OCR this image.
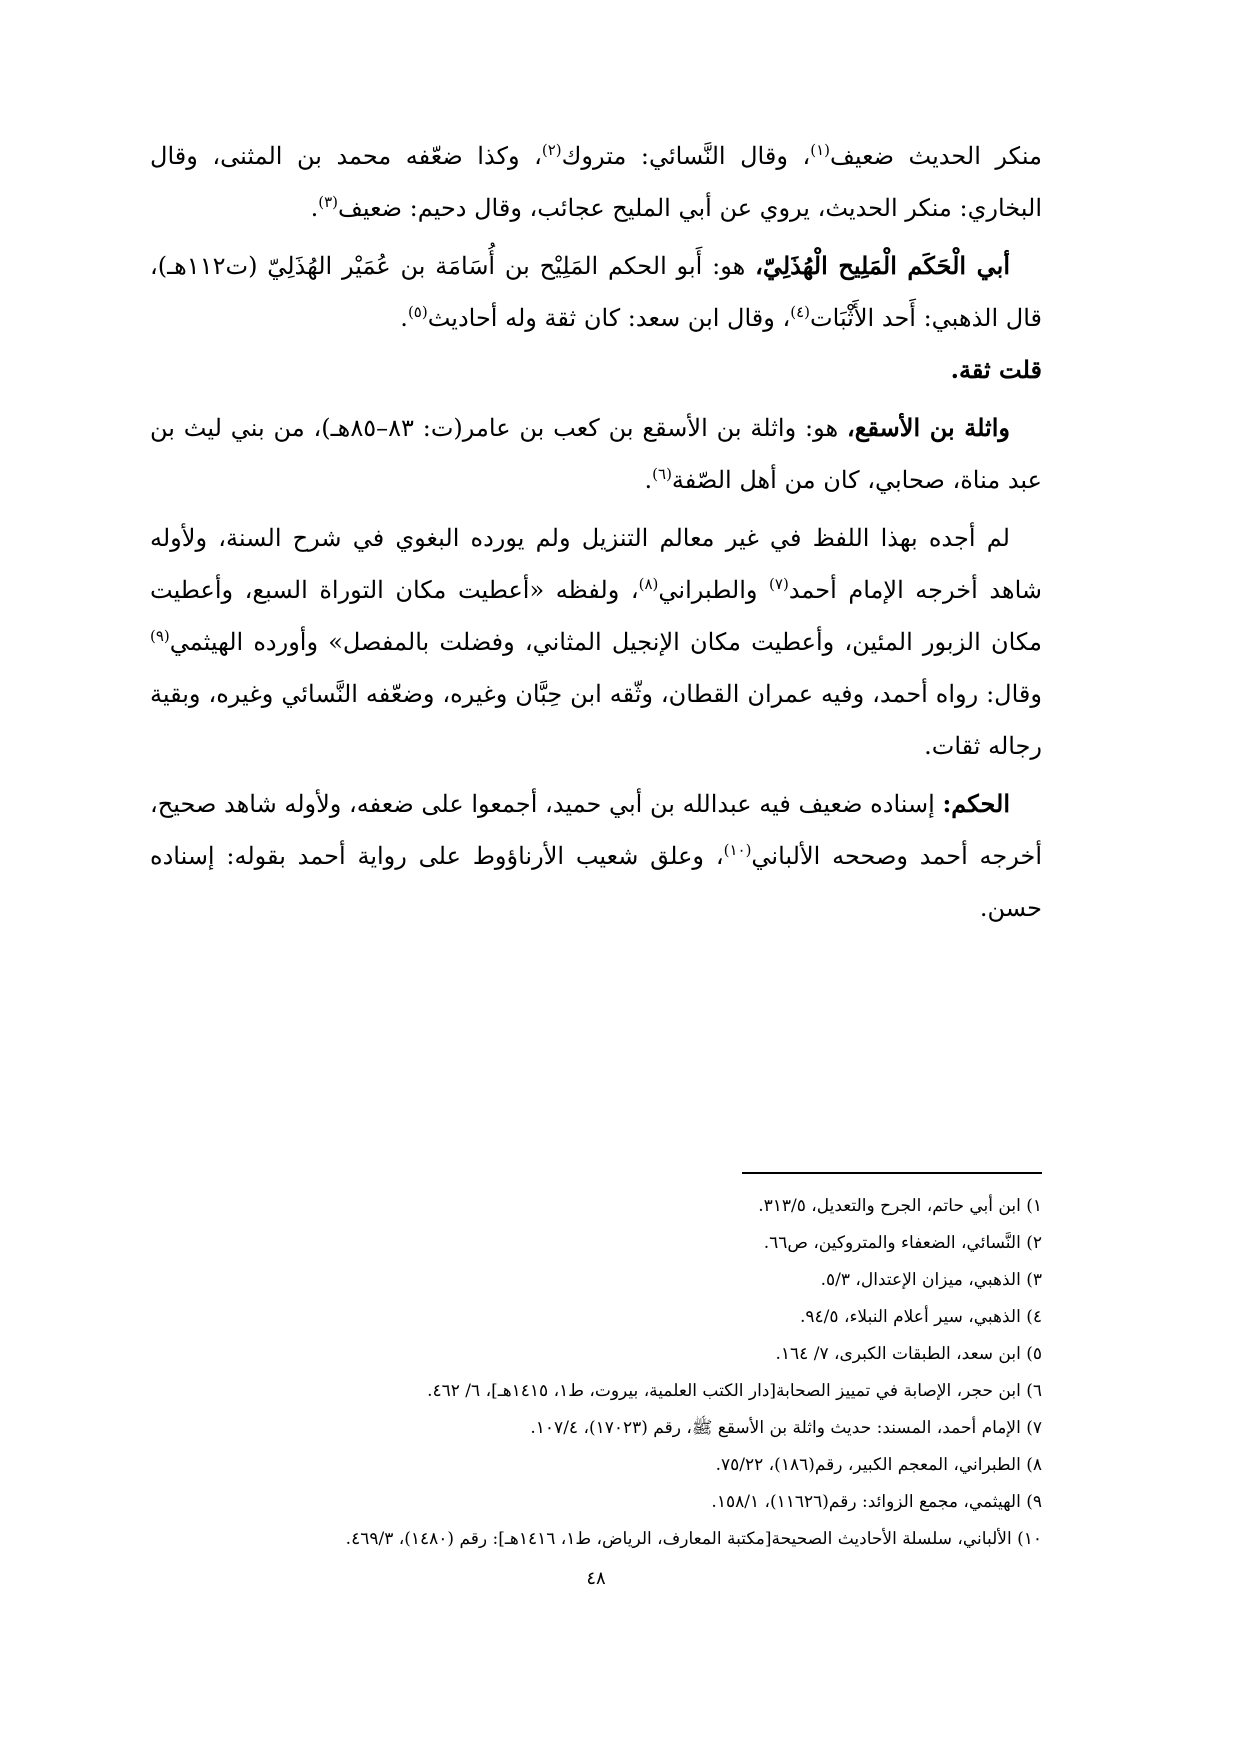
منكر الحديث ضعيف$^{(١)}$، وقال النَّسائي: متروك$^{(٢)}$، وكذا ضعّفه محمد بن المثنى، وقال البخاري: منكر الحديث، يروي عن أبي المليح عجائب، وقال دحيم: ضعيف$^{(٣)}$.

أبي الْحَكَم الْمَلِيح الْهُذَلِيّ، هو: أَبو الحكم المَلِيْح بن أُسَامَة بن عُمَيْر الهُذَلِيّ (ت١١٢هـ)، قال الذهبي: أَحد الأَثْبَات$^{(٤)}$، وقال ابن سعد: كان ثقة وله أحاديث$^{(٥)}$.
قلت ثقة.

واثلة بن الأسقع، هو: واثلة بن الأسقع بن كعب بن عامر(ت: ٨٣–٨٥هـ)، من بني ليث بن عبد مناة، صحابي، كان من أهل الصّفة$^{(٦)}$.

لم أجده بهذا اللفظ في غير معالم التنزيل ولم يورده البغوي في شرح السنة، ولأوله شاهد أخرجه الإمام أحمد$^{(٧)}$ والطبراني$^{(٨)}$، ولفظه «أعطيت مكان التوراة السبع، وأعطيت مكان الزبور المئين، وأعطيت مكان الإنجيل المثاني، وفضلت بالمفصل» وأورده الهيثمي$^{(٩)}$ وقال: رواه أحمد، وفيه عمران القطان، وثّقه ابن حِبَّان وغيره، وضعّفه النَّسائي وغيره، وبقية رجاله ثقات.

الحكم: إسناده ضعيف فيه عبدالله بن أبي حميد، أجمعوا على ضعفه، ولأوله شاهد صحيح، أخرجه أحمد وصححه الألباني$^{(١٠)}$، وعلق شعيب الأرناؤوط على رواية أحمد بقوله: إسناده حسن.

١) ابن أبي حاتم، الجرح والتعديل، ٣١٣/٥.
٢) النَّسائي، الضعفاء والمتروكين، ص٦٦.
٣) الذهبي، ميزان الإعتدال، ٥/٣.
٤) الذهبي، سير أعلام النبلاء، ٩٤/٥.
٥) ابن سعد، الطبقات الكبرى، ٧/ ١٦٤.
٦) ابن حجر، الإصابة في تمييز الصحابة[دار الكتب العلمية، بيروت، ط١، ١٤١٥هـ]، ٦/ ٤٦٢.
٧) الإمام أحمد، المسند: حديث واثلة بن الأسقع ﷺ، رقم (١٧٠٢٣)، ١٠٧/٤.
٨) الطبراني، المعجم الكبير، رقم(١٨٦)، ٧٥/٢٢.
٩) الهيثمي، مجمع الزوائد: رقم(١١٦٢٦)، ١٥٨/١.
١٠) الألباني، سلسلة الأحاديث الصحيحة[مكتبة المعارف، الرياض، ط١، ١٤١٦هـ]: رقم (١٤٨٠)، ٤٦٩/٣.
٤٨
